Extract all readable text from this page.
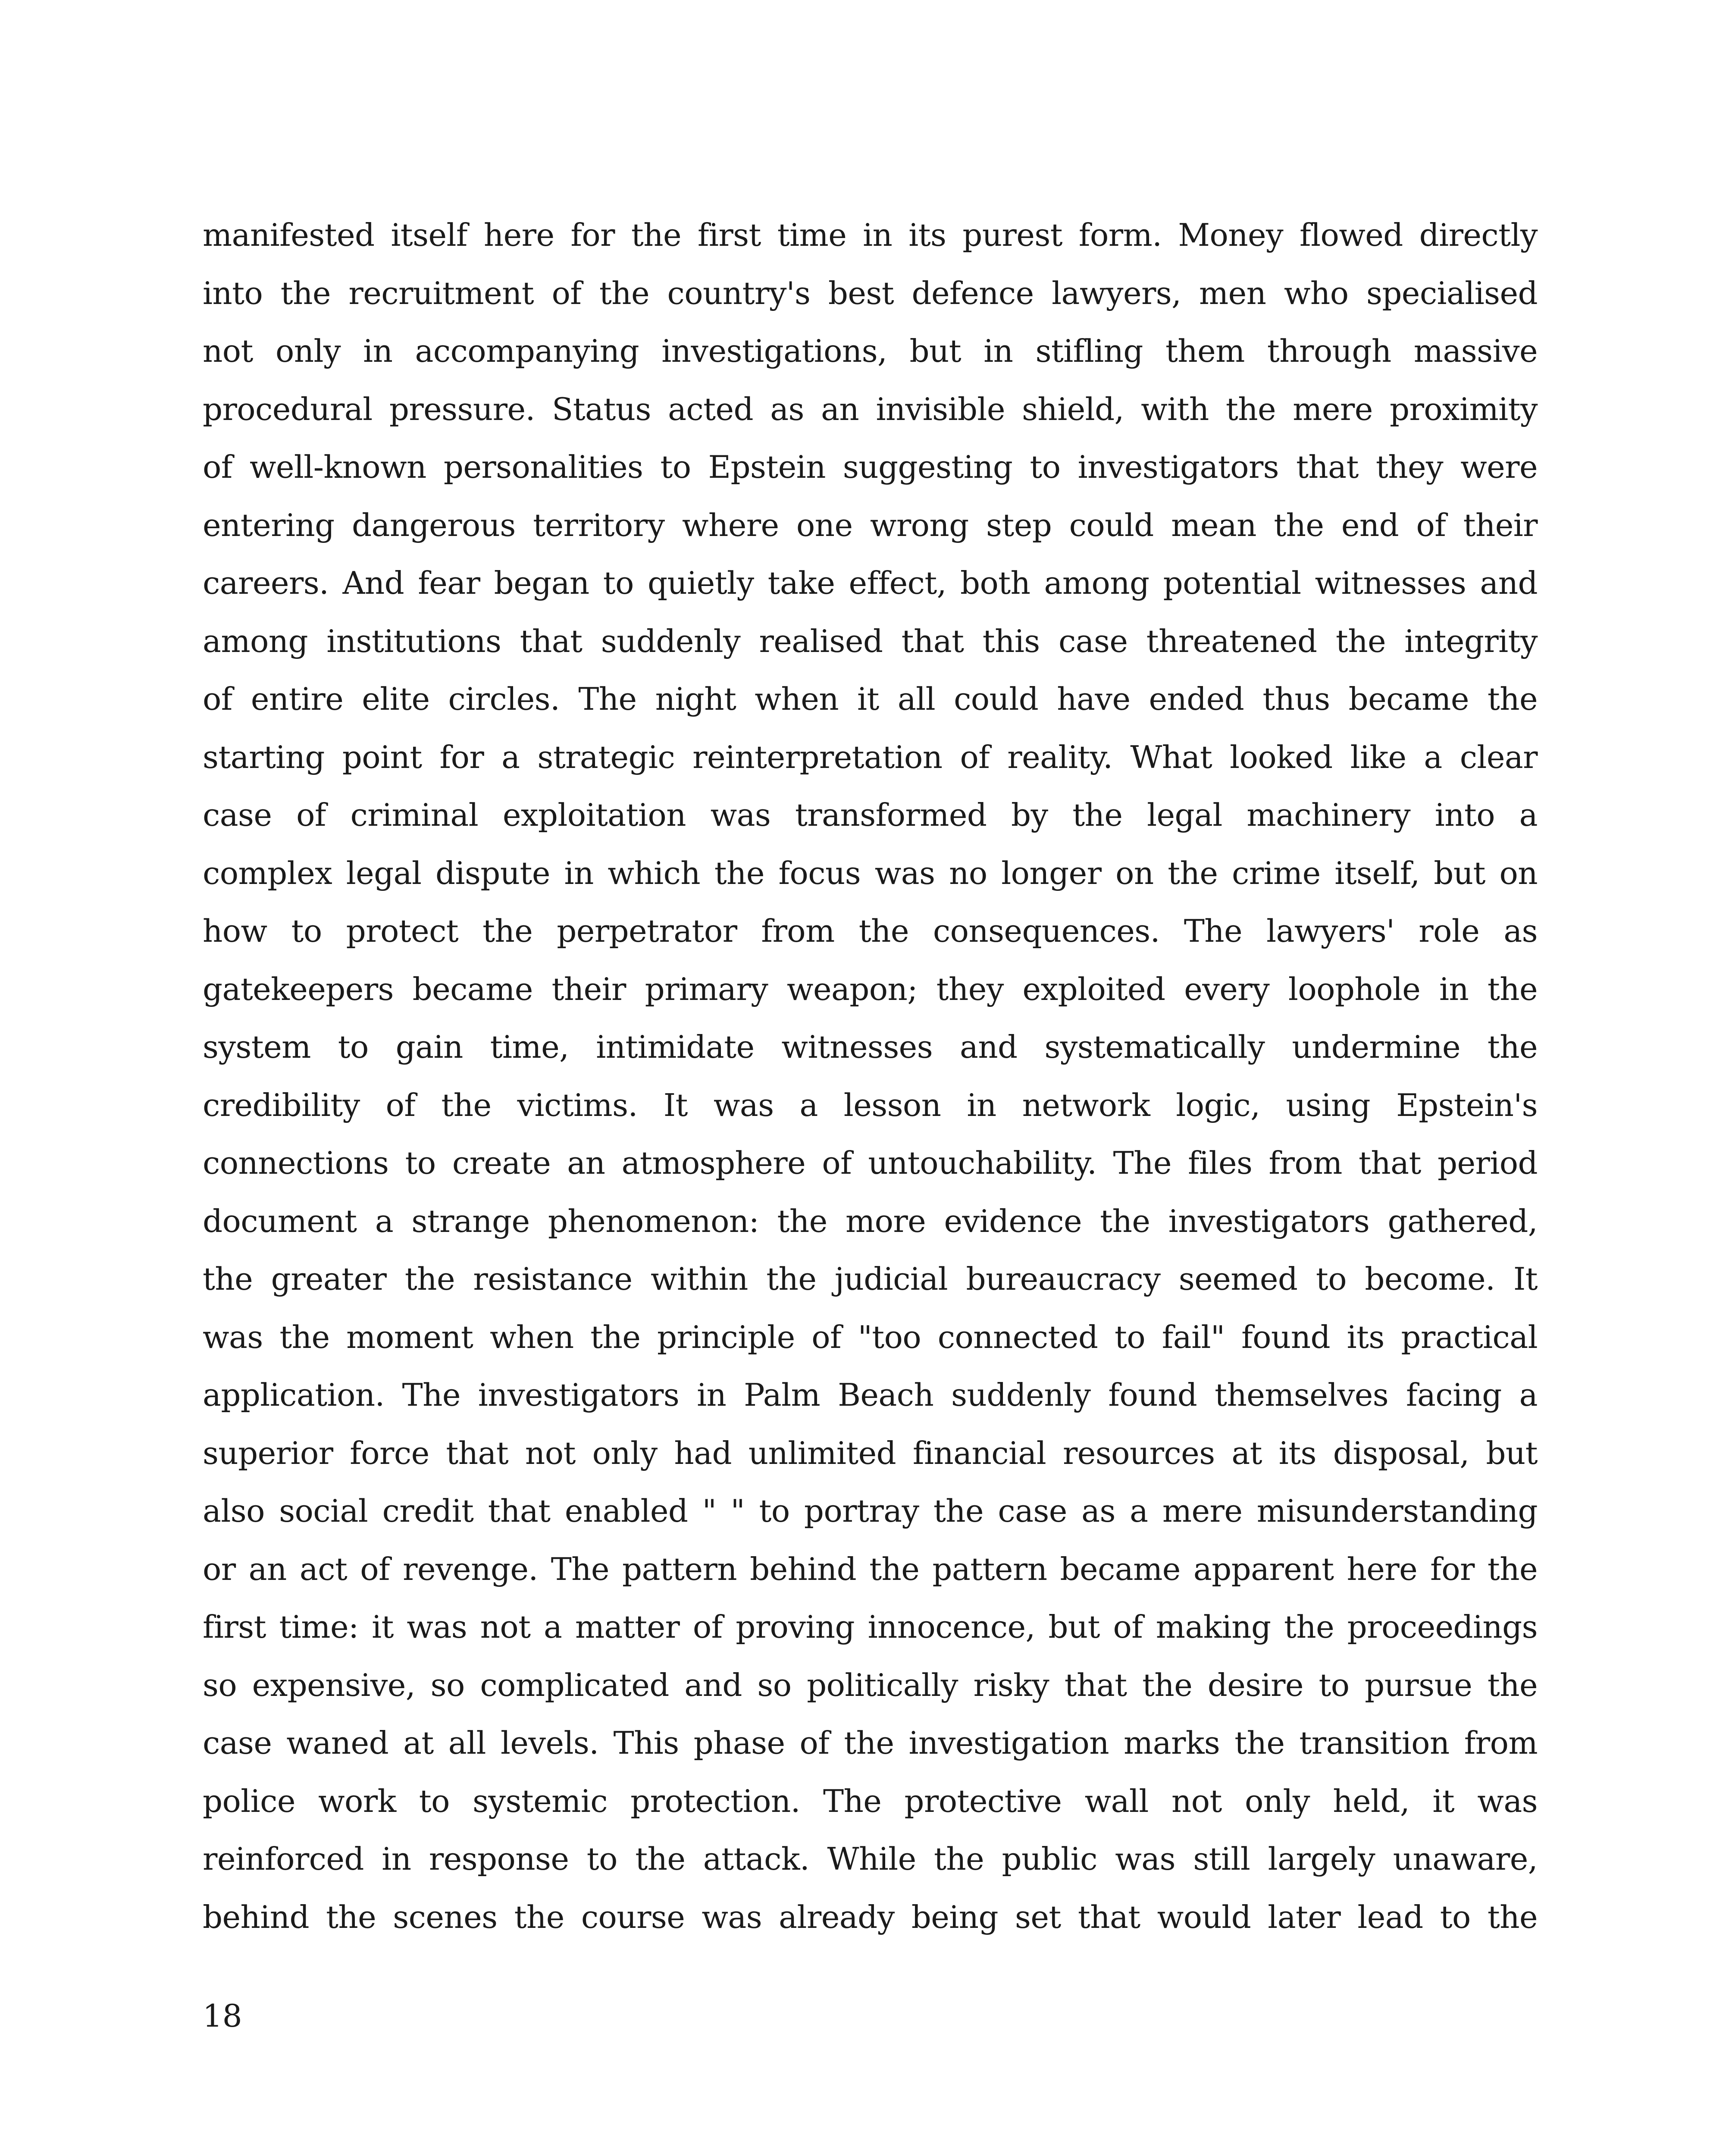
manifested itself here for the first time in its purest form. Money flowed directly
into the recruitment of the country's best defence lawyers, men who specialised
not only in accompanying investigations, but in stifling them through massive
procedural pressure. Status acted as an invisible shield, with the mere proximity
of well-known personalities to Epstein suggesting to investigators that they were
entering dangerous territory where one wrong step could mean the end of their
careers. And fear began to quietly take effect, both among potential witnesses and
among institutions that suddenly realised that this case threatened the integrity
of entire elite circles. The night when it all could have ended thus became the
starting point for a strategic reinterpretation of reality. What looked like a clear
case of criminal exploitation was transformed by the legal machinery into a
complex legal dispute in which the focus was no longer on the crime itself, but on
how to protect the perpetrator from the consequences. The lawyers' role as
gatekeepers became their primary weapon; they exploited every loophole in the
system to gain time, intimidate witnesses and systematically undermine the
credibility of the victims. It was a lesson in network logic, using Epstein's
connections to create an atmosphere of untouchability. The files from that period
document a strange phenomenon: the more evidence the investigators gathered,
the greater the resistance within the judicial bureaucracy seemed to become. It
was the moment when the principle of "too connected to fail" found its practical
application. The investigators in Palm Beach suddenly found themselves facing a
superior force that not only had unlimited financial resources at its disposal, but
also social credit that enabled " " to portray the case as a mere misunderstanding
or an act of revenge. The pattern behind the pattern became apparent here for the
first time: it was not a matter of proving innocence, but of making the proceedings
so expensive, so complicated and so politically risky that the desire to pursue the
case waned at all levels. This phase of the investigation marks the transition from
police work to systemic protection. The protective wall not only held, it was
reinforced in response to the attack. While the public was still largely unaware,
behind the scenes the course was already being set that would later lead to the
18
